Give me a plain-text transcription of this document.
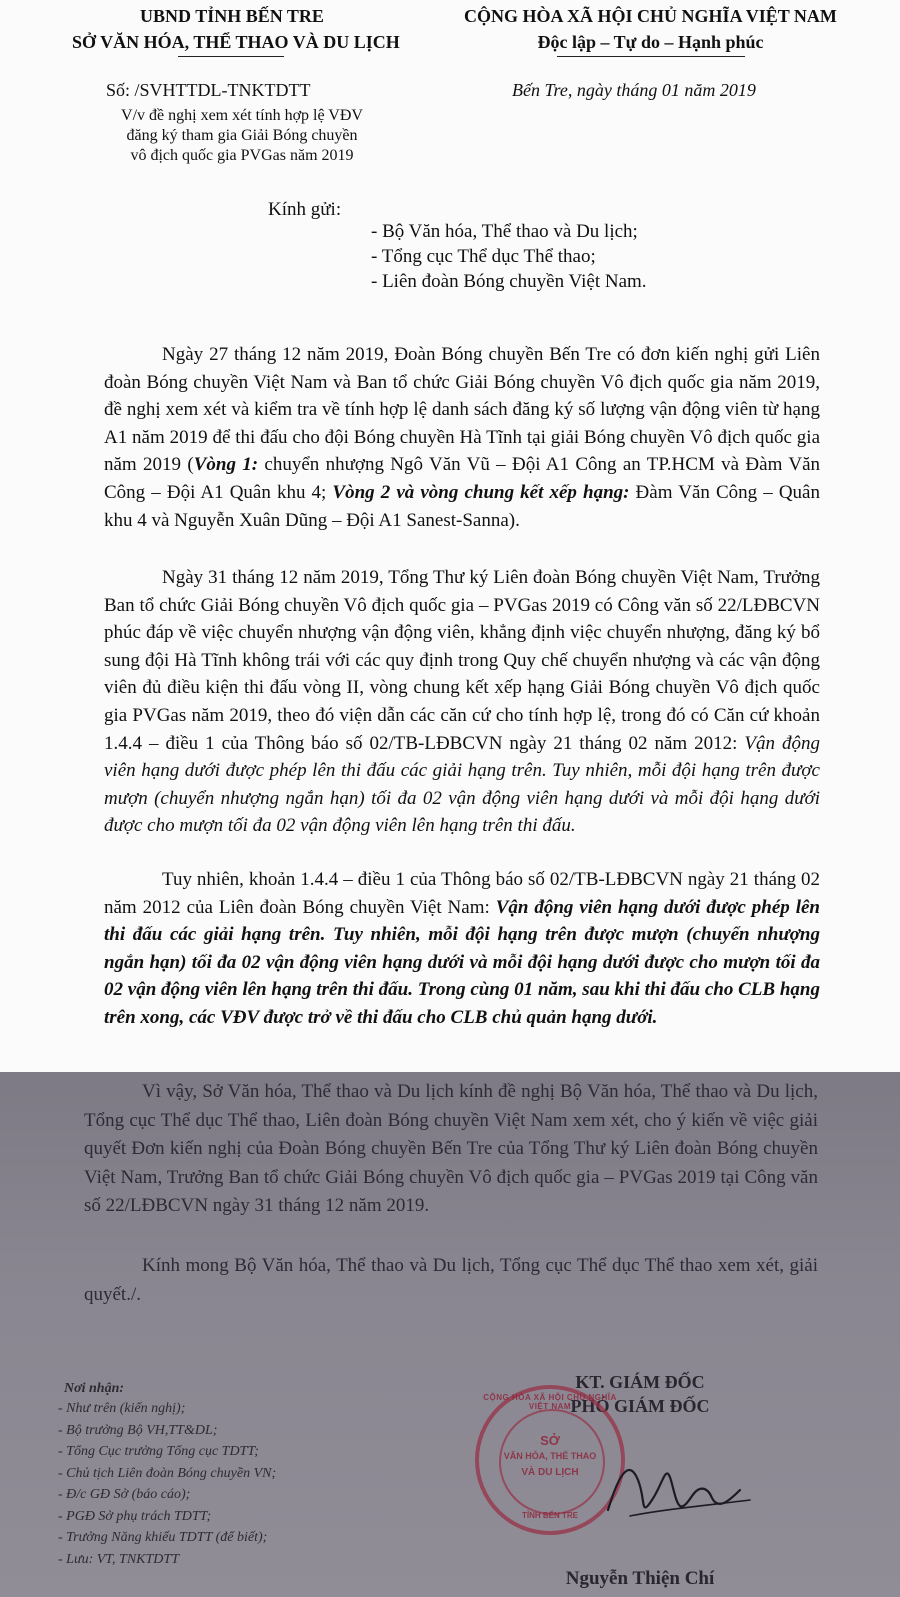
UBND TỈNH BẾN TRE
SỞ VĂN HÓA, THỂ THAO VÀ DU LỊCH
CỘNG HÒA XÃ HỘI CHỦ NGHĨA VIỆT NAM
Độc lập – Tự do – Hạnh phúc
Số: /SVHTTDL-TNKTDTT	Bến Tre, ngày tháng 01 năm 2019
V/v đề nghị xem xét tính hợp lệ VĐV
đăng ký tham gia Giải Bóng chuyền
vô địch quốc gia PVGas năm 2019
Kính gửi:
- Bộ Văn hóa, Thể thao và Du lịch;
- Tổng cục Thể dục Thể thao;
- Liên đoàn Bóng chuyền Việt Nam.
Ngày 27 tháng 12 năm 2019, Đoàn Bóng chuyền Bến Tre có đơn kiến nghị gửi Liên đoàn Bóng chuyền Việt Nam và Ban tổ chức Giải Bóng chuyền Vô địch quốc gia năm 2019, đề nghị xem xét và kiểm tra về tính hợp lệ danh sách đăng ký số lượng vận động viên từ hạng A1 năm 2019 để thi đấu cho đội Bóng chuyền Hà Tĩnh tại giải Bóng chuyền Vô địch quốc gia năm 2019 (Vòng 1: chuyển nhượng Ngô Văn Vũ – Đội A1 Công an TP.HCM và Đàm Văn Công – Đội A1 Quân khu 4; Vòng 2 và vòng chung kết xếp hạng: Đàm Văn Công – Quân khu 4 và Nguyễn Xuân Dũng – Đội A1 Sanest-Sanna).
Ngày 31 tháng 12 năm 2019, Tổng Thư ký Liên đoàn Bóng chuyền Việt Nam, Trưởng Ban tổ chức Giải Bóng chuyền Vô địch quốc gia – PVGas 2019 có Công văn số 22/LĐBCVN phúc đáp về việc chuyển nhượng vận động viên, khẳng định việc chuyển nhượng, đăng ký bổ sung đội Hà Tĩnh không trái với các quy định trong Quy chế chuyển nhượng và các vận động viên đủ điều kiện thi đấu vòng II, vòng chung kết xếp hạng Giải Bóng chuyền Vô địch quốc gia PVGas năm 2019, theo đó viện dẫn các căn cứ cho tính hợp lệ, trong đó có Căn cứ khoản 1.4.4 – điều 1 của Thông báo số 02/TB-LĐBCVN ngày 21 tháng 02 năm 2012: Vận động viên hạng dưới được phép lên thi đấu các giải hạng trên. Tuy nhiên, mỗi đội hạng trên được mượn (chuyển nhượng ngắn hạn) tối đa 02 vận động viên hạng dưới và mỗi đội hạng dưới được cho mượn tối đa 02 vận động viên lên hạng trên thi đấu.
Tuy nhiên, khoản 1.4.4 – điều 1 của Thông báo số 02/TB-LĐBCVN ngày 21 tháng 02 năm 2012 của Liên đoàn Bóng chuyền Việt Nam: Vận động viên hạng dưới được phép lên thi đấu các giải hạng trên. Tuy nhiên, mỗi đội hạng trên được mượn (chuyển nhượng ngắn hạn) tối đa 02 vận động viên hạng dưới và mỗi đội hạng dưới được cho mượn tối đa 02 vận động viên lên hạng trên thi đấu. Trong cùng 01 năm, sau khi thi đấu cho CLB hạng trên xong, các VĐV được trở về thi đấu cho CLB chủ quản hạng dưới.
Vì vậy, Sở Văn hóa, Thể thao và Du lịch kính đề nghị Bộ Văn hóa, Thể thao và Du lịch, Tổng cục Thể dục Thể thao, Liên đoàn Bóng chuyền Việt Nam xem xét, cho ý kiến về việc giải quyết Đơn kiến nghị của Đoàn Bóng chuyền Bến Tre của Tổng Thư ký Liên đoàn Bóng chuyền Việt Nam, Trưởng Ban tổ chức Giải Bóng chuyền Vô địch quốc gia – PVGas 2019 tại Công văn số 22/LĐBCVN ngày 31 tháng 12 năm 2019.
Kính mong Bộ Văn hóa, Thể thao và Du lịch, Tổng cục Thể dục Thể thao xem xét, giải quyết./.
Nơi nhận:
- Như trên (kiến nghị);
- Bộ trưởng Bộ VH,TT&DL;
- Tổng Cục trưởng Tổng cục TDTT;
- Chủ tịch Liên đoàn Bóng chuyền VN;
- Đ/c GĐ Sở (báo cáo);
- PGĐ Sở phụ trách TDTT;
- Trưởng Năng khiếu TDTT (để biết);
- Lưu: VT, TNKTDTT
KT. GIÁM ĐỐC
PHÓ GIÁM ĐỐC
CỘNG HÒA XÃ HỘI CHỦ NGHĨA VIỆT NAM
SỞ
VĂN HÓA, THỂ THAO
VÀ DU LỊCH
TỈNH BẾN TRE
Nguyễn Thiện Chí
